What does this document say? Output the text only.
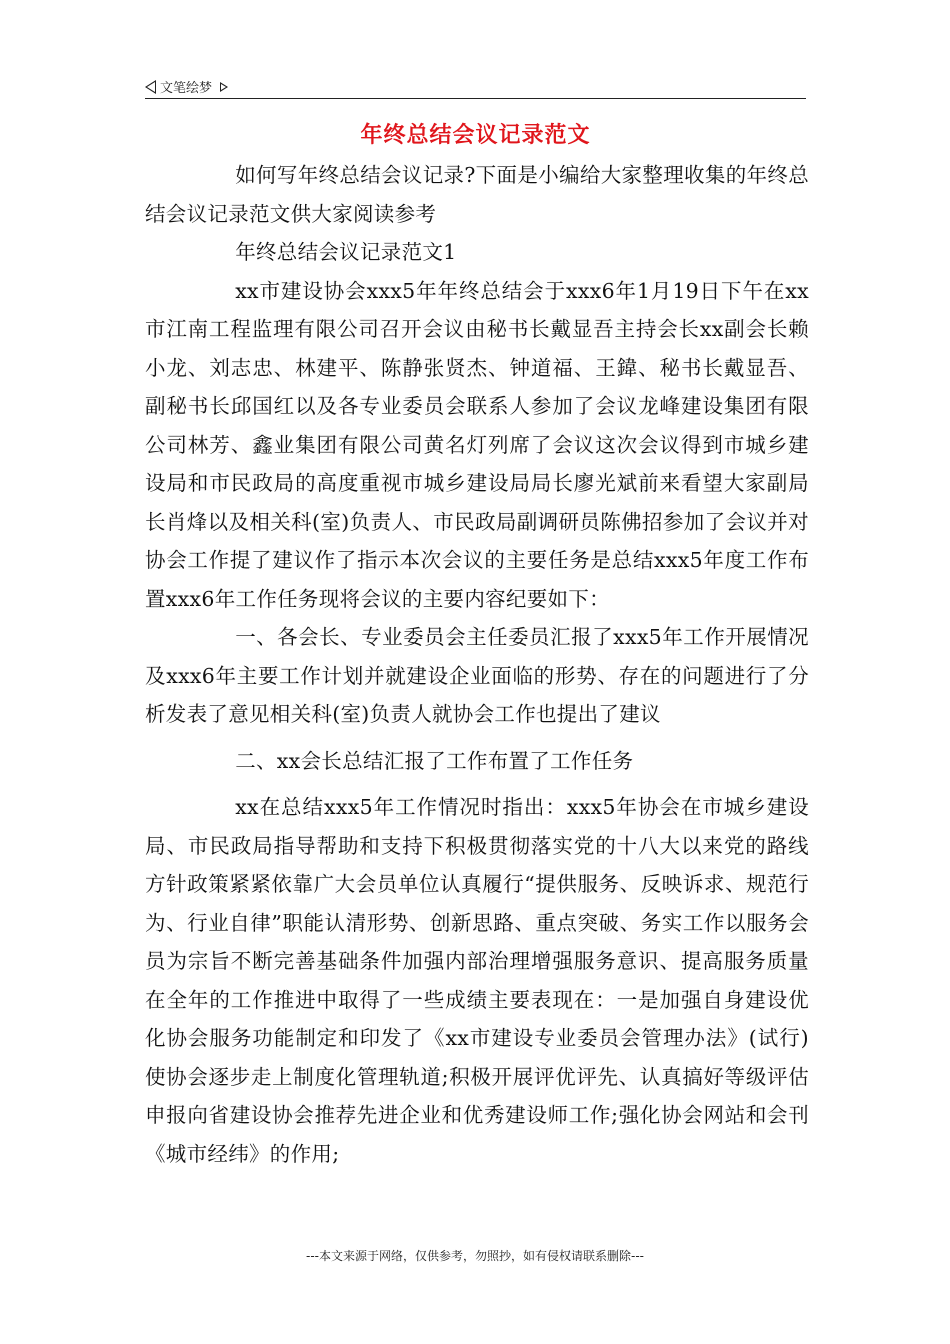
文笔绘梦
年终总结会议记录范文

如何写年终总结会议记录?下面是小编给大家整理收集的年终总结会议记录范文供大家阅读参考

年终总结会议记录范文1

xx市建设协会xxx5年年终总结会于xxx6年1月19日下午在xx市江南工程监理有限公司召开会议由秘书长戴显吾主持会长xx副会长赖小龙、刘志忠、林建平、陈静张贤杰、钟道福、王鍏、秘书长戴显吾、副秘书长邱国红以及各专业委员会联系人参加了会议龙峰建设集团有限公司林芳、鑫业集团有限公司黄名灯列席了会议这次会议得到市城乡建设局和市民政局的高度重视市城乡建设局局长廖光斌前来看望大家副局长肖烽以及相关科(室)负责人、市民政局副调研员陈佛招参加了会议并对协会工作提了建议作了指示本次会议的主要任务是总结xxx5年度工作布置xxx6年工作任务现将会议的主要内容纪要如下：

一、各会长、专业委员会主任委员汇报了xxx5年工作开展情况及xxx6年主要工作计划并就建设企业面临的形势、存在的问题进行了分析发表了意见相关科(室)负责人就协会工作也提出了建议

二、xx会长总结汇报了工作布置了工作任务

xx在总结xxx5年工作情况时指出：xxx5年协会在市城乡建设局、市民政局指导帮助和支持下积极贯彻落实党的十八大以来党的路线方针政策紧紧依靠广大会员单位认真履行“提供服务、反映诉求、规范行为、行业自律”职能认清形势、创新思路、重点突破、务实工作以服务会员为宗旨不断完善基础条件加强内部治理增强服务意识、提高服务质量在全年的工作推进中取得了一些成绩主要表现在：一是加强自身建设优化协会服务功能制定和印发了《xx市建设专业委员会管理办法》(试行)使协会逐步走上制度化管理轨道;积极开展评优评先、认真搞好等级评估申报向省建设协会推荐先进企业和优秀建设师工作;强化协会网站和会刊《城市经纬》的作用;

---本文来源于网络，仅供参考，勿照抄，如有侵权请联系删除---
